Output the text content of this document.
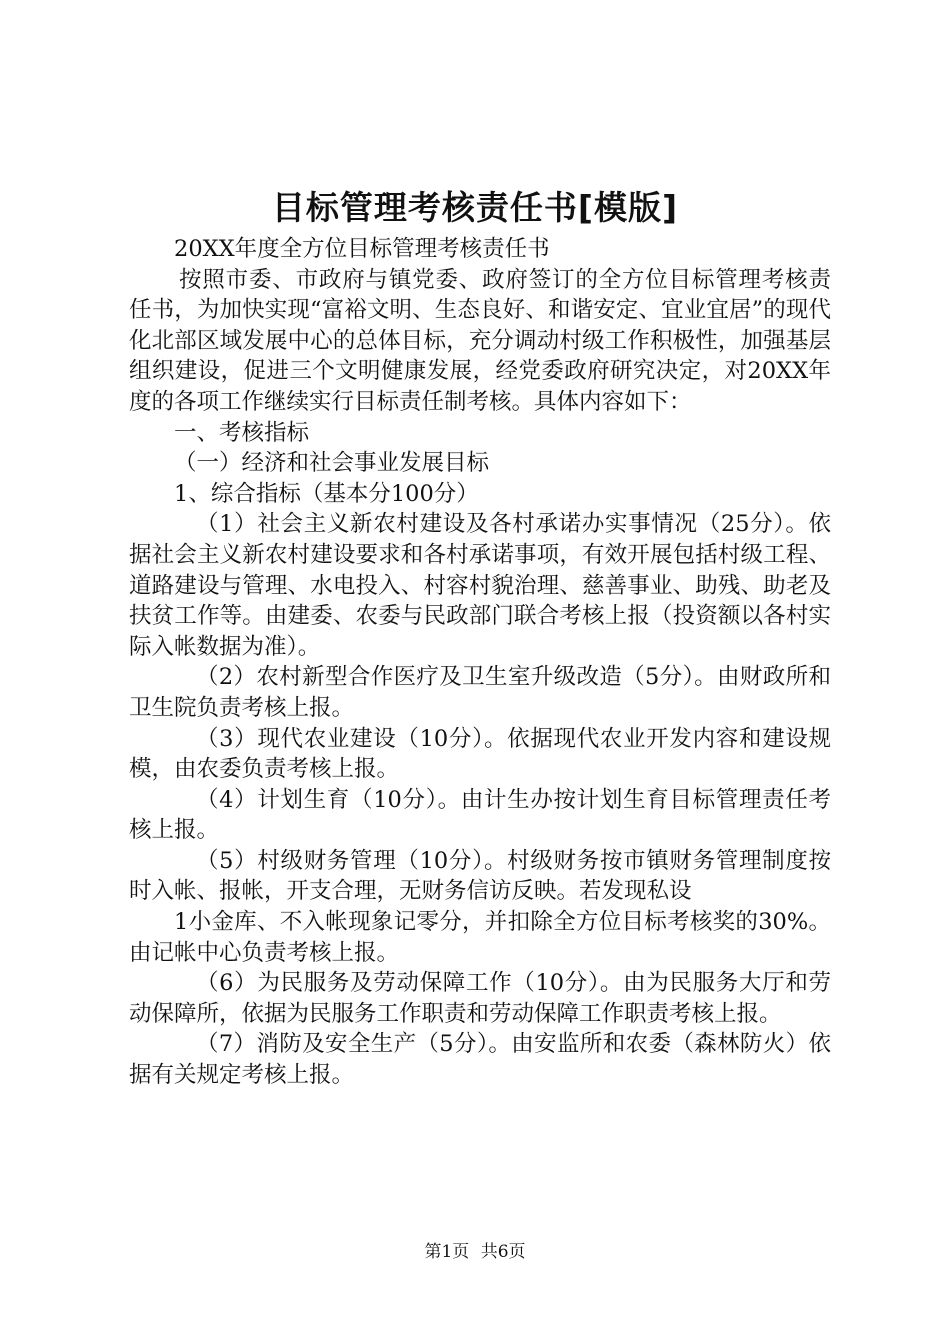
目标管理考核责任书[模版]

20XX年度全方位目标管理考核责任书

按照市委、市政府与镇党委、政府签订的全方位目标管理考核责任书，为加快实现“富裕文明、生态良好、和谐安定、宜业宜居”的现代化北部区域发展中心的总体目标，充分调动村级工作积极性，加强基层组织建设，促进三个文明健康发展，经党委政府研究决定，对20XX年度的各项工作继续实行目标责任制考核。具体内容如下：

一、考核指标

（一）经济和社会事业发展目标

1、综合指标（基本分100分）

（1）社会主义新农村建设及各村承诺办实事情况（25分）。依据社会主义新农村建设要求和各村承诺事项，有效开展包括村级工程、道路建设与管理、水电投入、村容村貌治理、慈善事业、助残、助老及扶贫工作等。由建委、农委与民政部门联合考核上报（投资额以各村实际入帐数据为准）。

（2）农村新型合作医疗及卫生室升级改造（5分）。由财政所和卫生院负责考核上报。

（3）现代农业建设（10分）。依据现代农业开发内容和建设规模，由农委负责考核上报。

（4）计划生育（10分）。由计生办按计划生育目标管理责任考核上报。

（5）村级财务管理（10分）。村级财务按市镇财务管理制度按时入帐、报帐，开支合理，无财务信访反映。若发现私设

1小金库、不入帐现象记零分，并扣除全方位目标考核奖的30%。由记帐中心负责考核上报。

（6）为民服务及劳动保障工作（10分）。由为民服务大厅和劳动保障所，依据为民服务工作职责和劳动保障工作职责考核上报。

（7）消防及安全生产（5分）。由安监所和农委（森林防火）依据有关规定考核上报。

第1页 共6页
